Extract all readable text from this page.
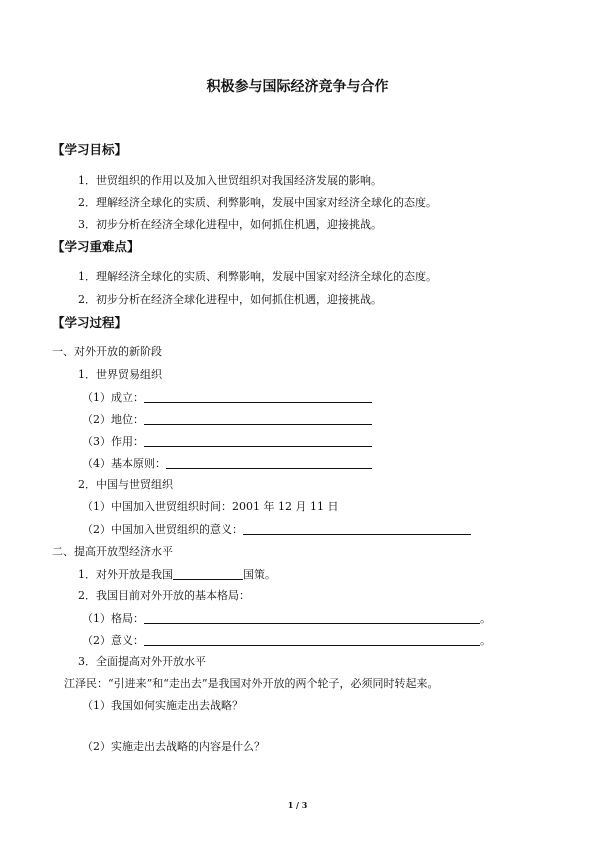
积极参与国际经济竞争与合作
【学习目标】
1．世贸组织的作用以及加入世贸组织对我国经济发展的影响。
2．理解经济全球化的实质、利弊影响，发展中国家对经济全球化的态度。
3．初步分析在经济全球化进程中，如何抓住机遇，迎接挑战。
【学习重难点】
1．理解经济全球化的实质、利弊影响，发展中国家对经济全球化的态度。
2．初步分析在经济全球化进程中，如何抓住机遇，迎接挑战。
【学习过程】
一、对外开放的新阶段
1．世界贸易组织
（1）成立：
（2）地位：
（3）作用：
（4）基本原则：
2．中国与世贸组织
（1）中国加入世贸组织时间：2001 年 12 月 11 日
（2）中国加入世贸组织的意义：
二、提高开放型经济水平
1．对外开放是我国	国策。
2．我国目前对外开放的基本格局：
（1）格局：	。
（2）意义：	。
3．全面提高对外开放水平
江泽民：“引进来”和“走出去”是我国对外开放的两个轮子，必须同时转起来。
（1）我国如何实施走出去战略？
（2）实施走出去战略的内容是什么？
1 / 3
